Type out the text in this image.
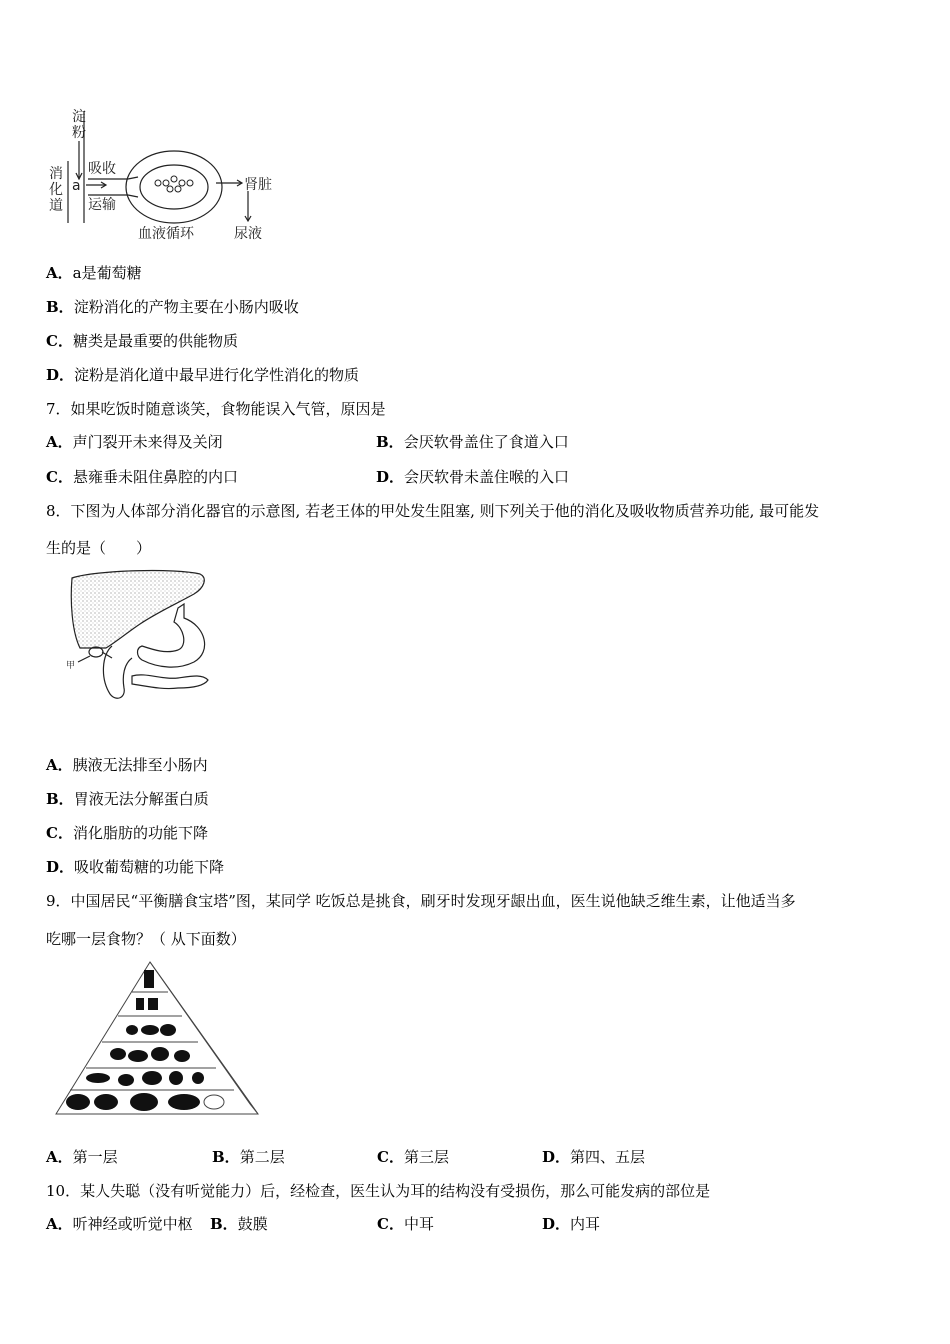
淀
粉
消
化
道
a
吸收
运输
肾脏
血液循环	尿液
A．a是葡萄糖
B．淀粉消化的产物主要在小肠内吸收
C．糖类是最重要的供能物质
D．淀粉是消化道中最早进行化学性消化的物质
7．如果吃饭时随意谈笑，食物能误入气管，原因是
A．声门裂开未来得及关闭	B．会厌软骨盖住了食道入口
C．悬雍垂未阻住鼻腔的内口	D．会厌软骨未盖住喉的入口
8．下图为人体部分消化器官的示意图, 若老王体的甲处发生阻塞, 则下列关于他的消化及吸收物质营养功能, 最可能发
生的是（　　）
甲
A．胰液无法排至小肠内
B．胃液无法分解蛋白质
C．消化脂肪的功能下降
D．吸收葡萄糖的功能下降
9．中国居民“平衡膳食宝塔”图，某同学 吃饭总是挑食，刷牙时发现牙龈出血，医生说他缺乏维生素，让他适当多
吃哪一层食物？（ 从下面数）
A．第一层	B．第二层	C．第三层	D．第四、五层
10．某人失聪（没有听觉能力）后，经检查，医生认为耳的结构没有受损伤，那么可能发病的部位是
A．听神经或听觉中枢 B．鼓膜	C．中耳	D．内耳
